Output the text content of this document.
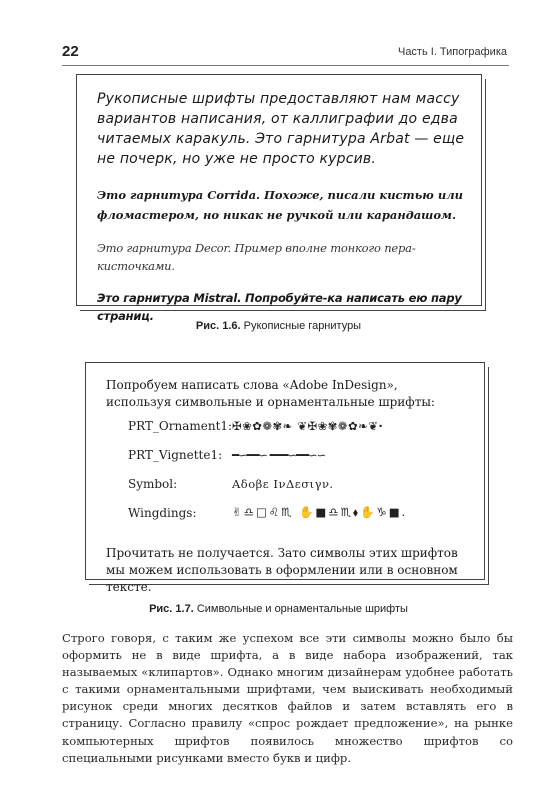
22	Часть I. Типографика
Рукописные шрифты предоставляют нам массу вариантов написания, от каллиграфии до едва читаемых каракуль. Это гарнитура Arbat — еще не почерк, но уже не просто курсив.
Это гарнитура Corrida. Похоже, писали кистью или фломастером, но никак не ручкой или карандашом.
Это гарнитура Decor. Пример вполне тонкого пера-кисточками.
Это гарнитура Mistral. Попробуйте-ка написать ею пару страниц.
Рис. 1.6. Рукописные гарнитуры
Попробуем написать слова «Adobe InDesign», используя символьные и орнаментальные шрифты:
PRT_Ornament1: ✠❀✿❁✾❧ ❦✠❀✾❁✿❧❦·
PRT_Vignette1: ━∽━━∽ ━━━∽━━∽∽
Symbol:	Αδοβε ΙνΔεσιγν.
Wingdings:	✌♎□♌♏ ✋■♎♏⬧✋♑■.
Прочитать не получается. Зато символы этих шрифтов мы можем использовать в оформлении или в основном тексте.
Рис. 1.7. Символьные и орнаментальные шрифты
Строго говоря, с таким же успехом все эти символы можно было бы оформить не в виде шрифта, а в виде набора изображений, так называемых «клипартов». Однако многим дизайнерам удобнее работать с такими орнаментальными шрифтами, чем выискивать необходимый рисунок среди многих десятков файлов и затем вставлять его в страницу. Согласно правилу «спрос рождает предложение», на рынке компьютерных шрифтов появилось множество шрифтов со специальными рисунками вместо букв и цифр.
